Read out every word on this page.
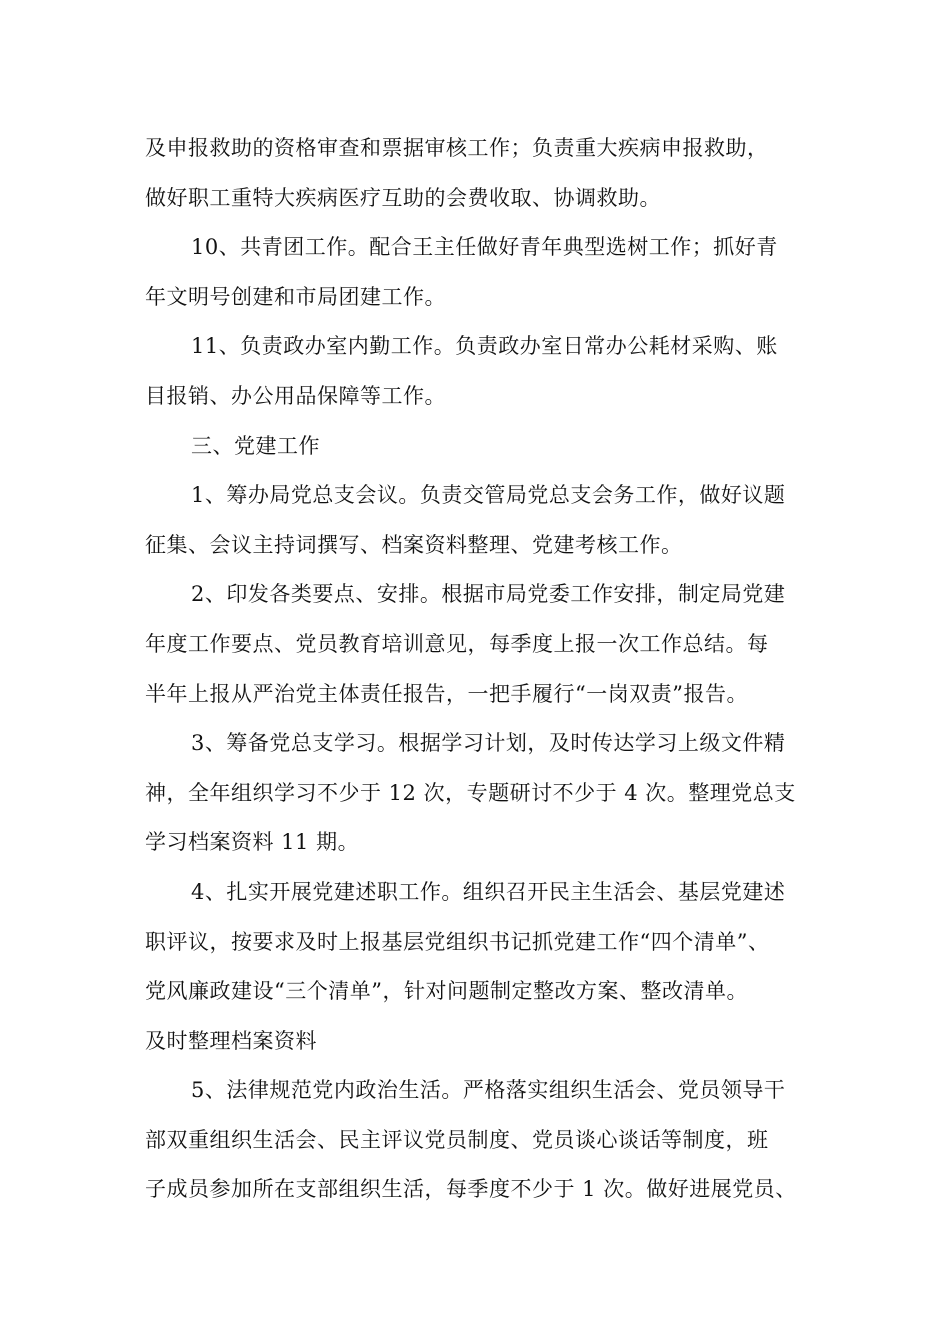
及申报救助的资格审查和票据审核工作；负责重大疾病申报救助，
做好职工重特大疾病医疗互助的会费收取、协调救助。
10、共青团工作。配合王主任做好青年典型选树工作；抓好青
年文明号创建和市局团建工作。
11、负责政办室内勤工作。负责政办室日常办公耗材采购、账
目报销、办公用品保障等工作。
三、党建工作
1、筹办局党总支会议。负责交管局党总支会务工作，做好议题
征集、会议主持词撰写、档案资料整理、党建考核工作。
2、印发各类要点、安排。根据市局党委工作安排，制定局党建
年度工作要点、党员教育培训意见，每季度上报一次工作总结。每
半年上报从严治党主体责任报告，一把手履行“一岗双责”报告。
3、筹备党总支学习。根据学习计划，及时传达学习上级文件精
神，全年组织学习不少于 12 次，专题研讨不少于 4 次。整理党总支
学习档案资料 11 期。
4、扎实开展党建述职工作。组织召开民主生活会、基层党建述
职评议，按要求及时上报基层党组织书记抓党建工作“四个清单”、
党风廉政建设“三个清单”，针对问题制定整改方案、整改清单。
及时整理档案资料
5、法律规范党内政治生活。严格落实组织生活会、党员领导干
部双重组织生活会、民主评议党员制度、党员谈心谈话等制度，班
子成员参加所在支部组织生活，每季度不少于 1 次。做好进展党员、
